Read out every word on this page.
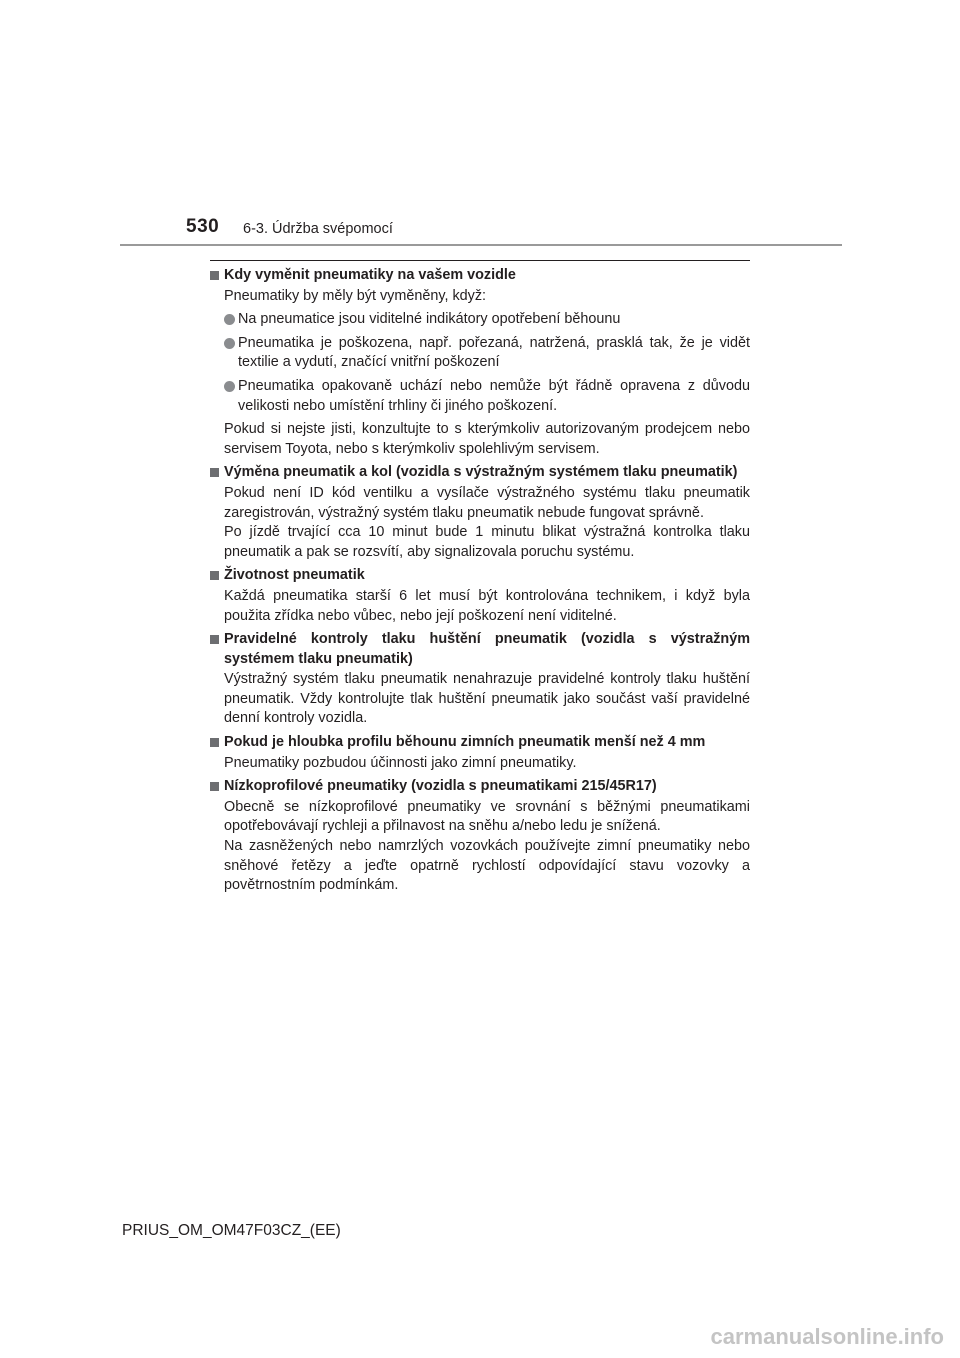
530 6-3. Údržba svépomocí
Kdy vyměnit pneumatiky na vašem vozidle
Pneumatiky by měly být vyměněny, když:
Na pneumatice jsou viditelné indikátory opotřebení běhounu
Pneumatika je poškozena, např. pořezaná, natržená, prasklá tak, že je vidět textilie a vydutí, značící vnitřní poškození
Pneumatika opakovaně uchází nebo nemůže být řádně opravena z důvodu velikosti nebo umístění trhliny či jiného poškození.
Pokud si nejste jisti, konzultujte to s kterýmkoliv autorizovaným prodejcem nebo servisem Toyota, nebo s kterýmkoliv spolehlivým servisem.
Výměna pneumatik a kol (vozidla s výstražným systémem tlaku pneumatik)
Pokud není ID kód ventilku a vysílače výstražného systému tlaku pneumatik zaregistrován, výstražný systém tlaku pneumatik nebude fungovat správně.
Po jízdě trvající cca 10 minut bude 1 minutu blikat výstražná kontrolka tlaku pneumatik a pak se rozsvítí, aby signalizovala poruchu systému.
Životnost pneumatik
Každá pneumatika starší 6 let musí být kontrolována technikem, i když byla použita zřídka nebo vůbec, nebo její poškození není viditelné.
Pravidelné kontroly tlaku huštění pneumatik (vozidla s výstražným systémem tlaku pneumatik)
Výstražný systém tlaku pneumatik nenahrazuje pravidelné kontroly tlaku huštění pneumatik. Vždy kontrolujte tlak huštění pneumatik jako součást vaší pravidelné denní kontroly vozidla.
Pokud je hloubka profilu běhounu zimních pneumatik menší než 4 mm
Pneumatiky pozbudou účinnosti jako zimní pneumatiky.
Nízkoprofilové pneumatiky (vozidla s pneumatikami 215/45R17)
Obecně se nízkoprofilové pneumatiky ve srovnání s běžnými pneumatikami opotřebovávají rychleji a přilnavost na sněhu a/nebo ledu je snížená.
Na zasněžených nebo namrzlých vozovkách používejte zimní pneumatiky nebo sněhové řetězy a jeďte opatrně rychlostí odpovídající stavu vozovky a povětrnostním podmínkám.
PRIUS_OM_OM47F03CZ_(EE)
carmanualsonline.info
